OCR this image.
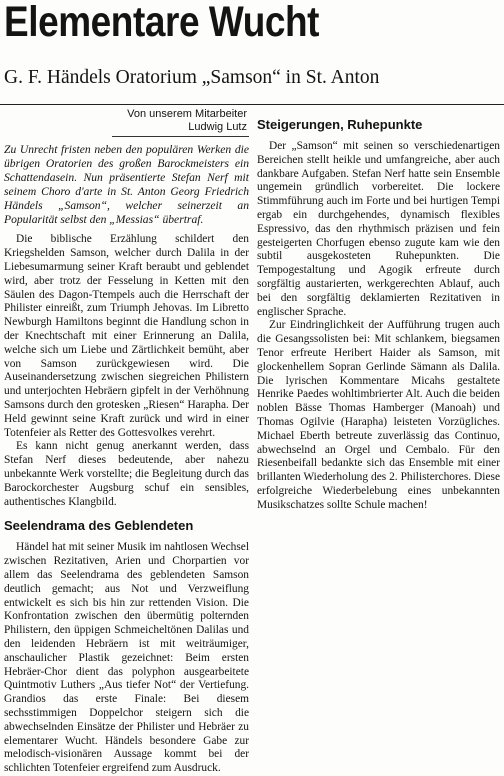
Elementare Wucht
G. F. Händels Oratorium „Samson“ in St. Anton
Von unserem Mitarbeiter
Ludwig Lutz

Zu Unrecht fristen neben den populären Werken die übrigen Oratorien des großen Barockmeisters ein Schattendasein. Nun präsentierte Stefan Nerf mit seinem Choro d'arte in St. Anton Georg Friedrich Händels „Samson“, welcher seinerzeit an Popularität selbst den „Messias“ übertraf.

Die biblische Erzählung schildert den Kriegshelden Samson, welcher durch Dalila in der Liebesumarmung seiner Kraft beraubt und geblendet wird, aber trotz der Fesselung in Ketten mit den Säulen des Dagon-Ttempels auch die Herrschaft der Philister einreißt, zum Triumph Jehovas. Im Libretto Newburgh Hamiltons beginnt die Handlung schon in der Knechtschaft mit einer Erinnerung an Dalila, welche sich um Liebe und Zärtlichkeit bemüht, aber von Samson zurückgewiesen wird. Die Auseinandersetzung zwischen siegreichen Philistern und unterjochten Hebräern gipfelt in der Verhöhnung Samsons durch den grotesken „Riesen“ Harapha. Der Held gewinnt seine Kraft zurück und wird in einer Totenfeier als Retter des Gottesvolkes verehrt.

Es kann nicht genug anerkannt werden, dass Stefan Nerf dieses bedeutende, aber nahezu unbekannte Werk vorstellte; die Begleitung durch das Barockorchester Augsburg schuf ein sensibles, authentisches Klangbild.

Seelendrama des Geblendeten

Händel hat mit seiner Musik im nahtlosen Wechsel zwischen Rezitativen, Arien und Chorpartien vor allem das Seelendrama des geblendeten Samson deutlich gemacht; aus Not und Verzweiflung entwickelt es sich bis hin zur rettenden Vision. Die Konfrontation zwischen den übermütig polternden Philistern, den üppigen Schmeicheltönen Dalilas und den leidenden Hebräern ist mit weiträumiger, anschaulicher Plastik gezeichnet: Beim ersten Hebräer-Chor dient das polyphon ausgearbeitete Quintmotiv Luthers „Aus tiefer Not“ der Vertiefung. Grandios das erste Finale: Bei diesem sechsstimmigen Doppelchor steigern sich die abwechselnden Einsätze der Philister und Hebräer zu elementarer Wucht. Händels besondere Gabe zur melodisch-visionären Aussage kommt bei der schlichten Totenfeier ergreifend zum Ausdruck.

Steigerungen, Ruhepunkte

Der „Samson“ mit seinen so verschiedenartigen Bereichen stellt heikle und umfangreiche, aber auch dankbare Aufgaben. Stefan Nerf hatte sein Ensemble ungemein gründlich vorbereitet. Die lockere Stimmführung auch im Forte und bei hurtigen Tempi ergab ein durchgehendes, dynamisch flexibles Espressivo, das den rhythmisch präzisen und fein gesteigerten Chorfugen ebenso zugute kam wie den subtil ausgekosteten Ruhepunkten. Die Tempogestaltung und Agogik erfreute durch sorgfältig austarierten, werkgerechten Ablauf, auch bei den sorgfältig deklamierten Rezitativen in englischer Sprache.

Zur Eindringlichkeit der Aufführung trugen auch die Gesangssolisten bei: Mit schlankem, biegsamen Tenor erfreute Heribert Haider als Samson, mit glockenhellem Sopran Gerlinde Sämann als Dalila. Die lyrischen Kommentare Micahs gestaltete Henrike Paedes wohltimbrierter Alt. Auch die beiden noblen Bässe Thomas Hamberger (Manoah) und Thomas Ogilvie (Harapha) leisteten Vorzügliches. Michael Eberth betreute zuverlässig das Continuo, abwechselnd an Orgel und Cembalo. Für den Riesenbeifall bedankte sich das Ensemble mit einer brillanten Wiederholung des 2. Philisterchores. Diese erfolgreiche Wiederbelebung eines unbekannten Musikschatzes sollte Schule machen!
